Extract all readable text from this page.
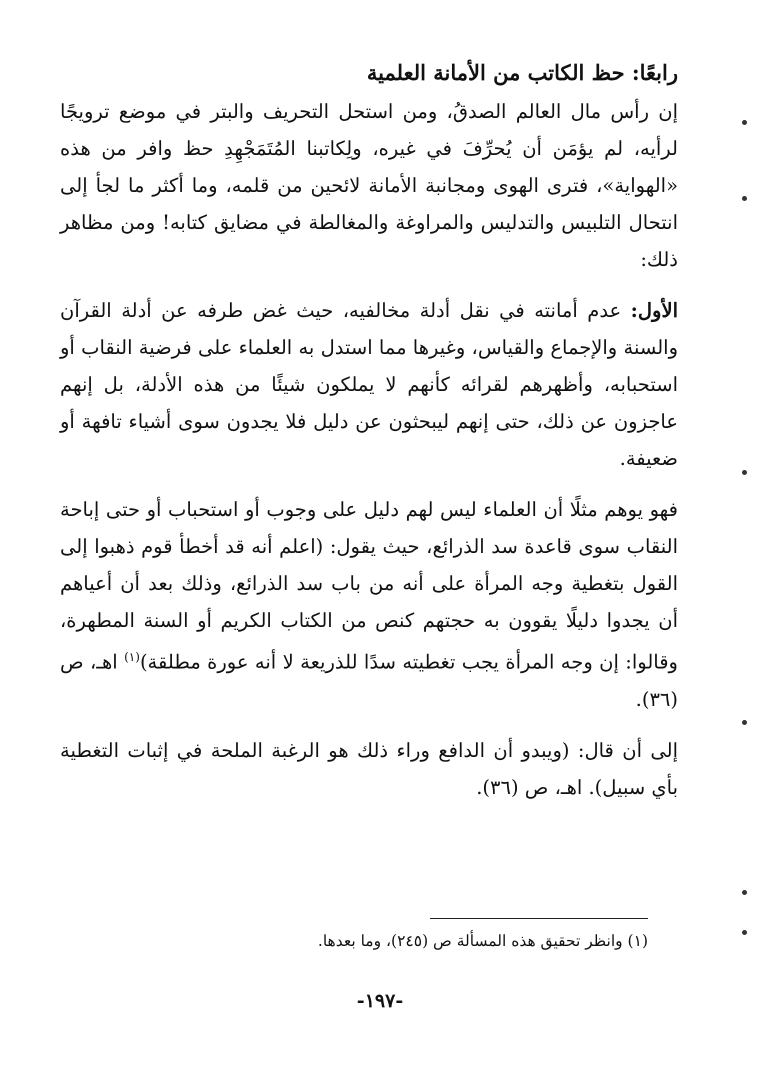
رابعًا: حظ الكاتب من الأمانة العلمية

إن رأس مال العالم الصدقُ، ومن استحل التحريف والبتر في موضع ترويجًا لرأيه، لم يؤمَن أن يُحرِّفَ في غيره، ولِكاتبنا المُتَمَجْهِدِ حظ وافر من هذه «الهواية»، فترى الهوى ومجانبة الأمانة لائحين من قلمه، وما أكثر ما لجأ إلى انتحال التلبيس والتدليس والمراوغة والمغالطة في مضايق كتابه! ومن مظاهر ذلك:

الأول: عدم أمانته في نقل أدلة مخالفيه، حيث غض طرفه عن أدلة القرآن والسنة والإجماع والقياس، وغيرها مما استدل به العلماء على فرضية النقاب أو استحبابه، وأظهرهم لقرائه كأنهم لا يملكون شيئًا من هذه الأدلة، بل إنهم عاجزون عن ذلك، حتى إنهم ليبحثون عن دليل فلا يجدون سوى أشياء تافهة أو ضعيفة.

فهو يوهم مثلًا أن العلماء ليس لهم دليل على وجوب أو استحباب أو حتى إباحة النقاب سوى قاعدة سد الذرائع، حيث يقول: (اعلم أنه قد أخطأ قوم ذهبوا إلى القول بتغطية وجه المرأة على أنه من باب سد الذرائع، وذلك بعد أن أعياهم أن يجدوا دليلًا يقوون به حجتهم كنص من الكتاب الكريم أو السنة المطهرة، وقالوا: إن وجه المرأة يجب تغطيته سدًا للذريعة لا أنه عورة مطلقة)$^{(١)}$ اهـ، ص (٣٦).

إلى أن قال: (ويبدو أن الدافع وراء ذلك هو الرغبة الملحة في إثبات التغطية بأي سبيل). اهـ، ص (٣٦).

(١) وانظر تحقيق هذه المسألة ص (٢٤٥)، وما بعدها.
-١٩٧-
